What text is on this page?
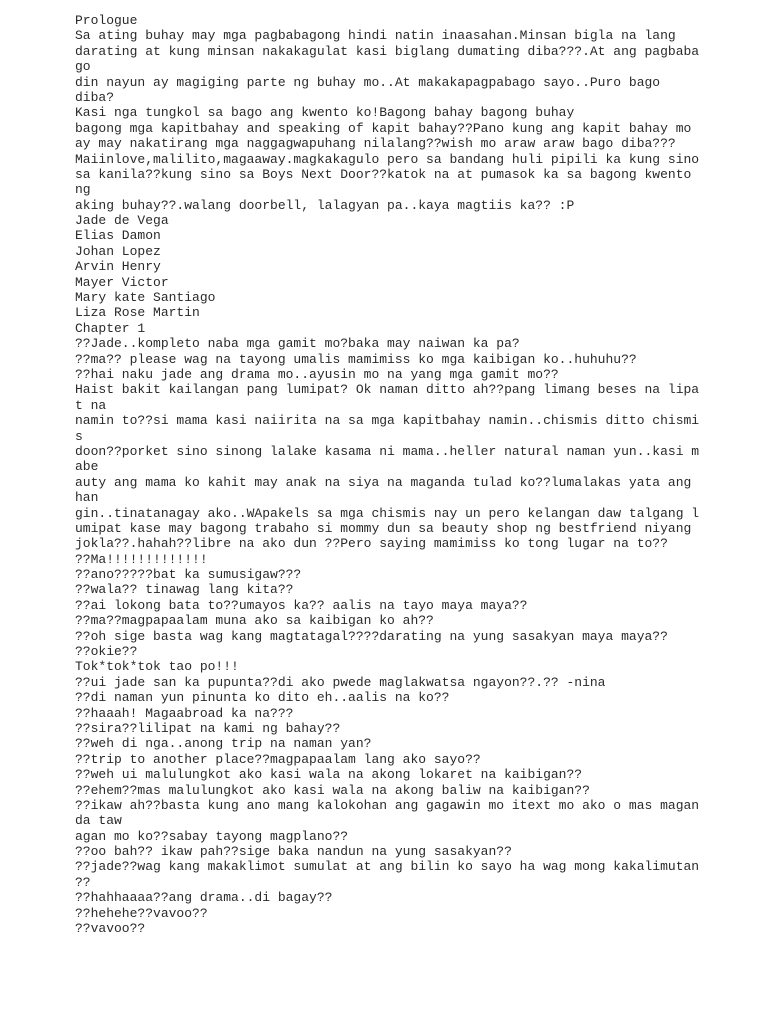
Prologue
Sa ating buhay may mga pagbabagong hindi natin inaasahan.Minsan bigla na lang
darating at kung minsan nakakagulat kasi biglang dumating diba???.At ang pagbaba
go
din nayun ay magiging parte ng buhay mo..At makakapagpabago sayo..Puro bago
diba?
Kasi nga tungkol sa bago ang kwento ko!Bagong bahay bagong buhay
bagong mga kapitbahay and speaking of kapit bahay??Pano kung ang kapit bahay mo
ay may nakatirang mga naggagwapuhang nilalang??wish mo araw araw bago diba???
Maiinlove,malilito,magaaway.magkakagulo pero sa bandang huli pipili ka kung sino
sa kanila??kung sino sa Boys Next Door??katok na at pumasok ka sa bagong kwento
ng
aking buhay??.walang doorbell, lalagyan pa..kaya magtiis ka?? :P
Jade de Vega
Elias Damon
Johan Lopez
Arvin Henry
Mayer Victor
Mary kate Santiago
Liza Rose Martin
Chapter 1
??Jade..kompleto naba mga gamit mo?baka may naiwan ka pa?
??ma?? please wag na tayong umalis mamimiss ko mga kaibigan ko..huhuhu??
??hai naku jade ang drama mo..ayusin mo na yang mga gamit mo??
Haist bakit kailangan pang lumipat? Ok naman ditto ah??pang limang beses na lipa
t na
namin to??si mama kasi naiirita na sa mga kapitbahay namin..chismis ditto chismi
s
doon??porket sino sinong lalake kasama ni mama..heller natural naman yun..kasi m
abe
auty ang mama ko kahit may anak na siya na maganda tulad ko??lumalakas yata ang
han
gin..tinatanagay ako..WApakels sa mga chismis nay un pero kelangan daw talgang l
umipat kase may bagong trabaho si mommy dun sa beauty shop ng bestfriend niyang
jokla??.hahah??libre na ako dun ??Pero saying mamimiss ko tong lugar na to??
??Ma!!!!!!!!!!!!!
??ano?????bat ka sumusigaw???
??wala?? tinawag lang kita??
??ai lokong bata to??umayos ka?? aalis na tayo maya maya??
??ma??magpapaalam muna ako sa kaibigan ko ah??
??oh sige basta wag kang magtatagal????darating na yung sasakyan maya maya??
??okie??
Tok*tok*tok tao po!!!
??ui jade san ka pupunta??di ako pwede maglakwatsa ngayon??.?? -nina
??di naman yun pinunta ko dito eh..aalis na ko??
??haaah! Magaabroad ka na???
??sira??lilipat na kami ng bahay??
??weh di nga..anong trip na naman yan?
??trip to another place??magpapaalam lang ako sayo??
??weh ui malulungkot ako kasi wala na akong lokaret na kaibigan??
??ehem??mas malulungkot ako kasi wala na akong baliw na kaibigan??
??ikaw ah??basta kung ano mang kalokohan ang gagawin mo itext mo ako o mas magan
da taw
agan mo ko??sabay tayong magplano??
??oo bah?? ikaw pah??sige baka nandun na yung sasakyan??
??jade??wag kang makaklimot sumulat at ang bilin ko sayo ha wag mong kakalimutan
??
??hahhaaaa??ang drama..di bagay??
??hehehe??vavoo??
??vavoo??
